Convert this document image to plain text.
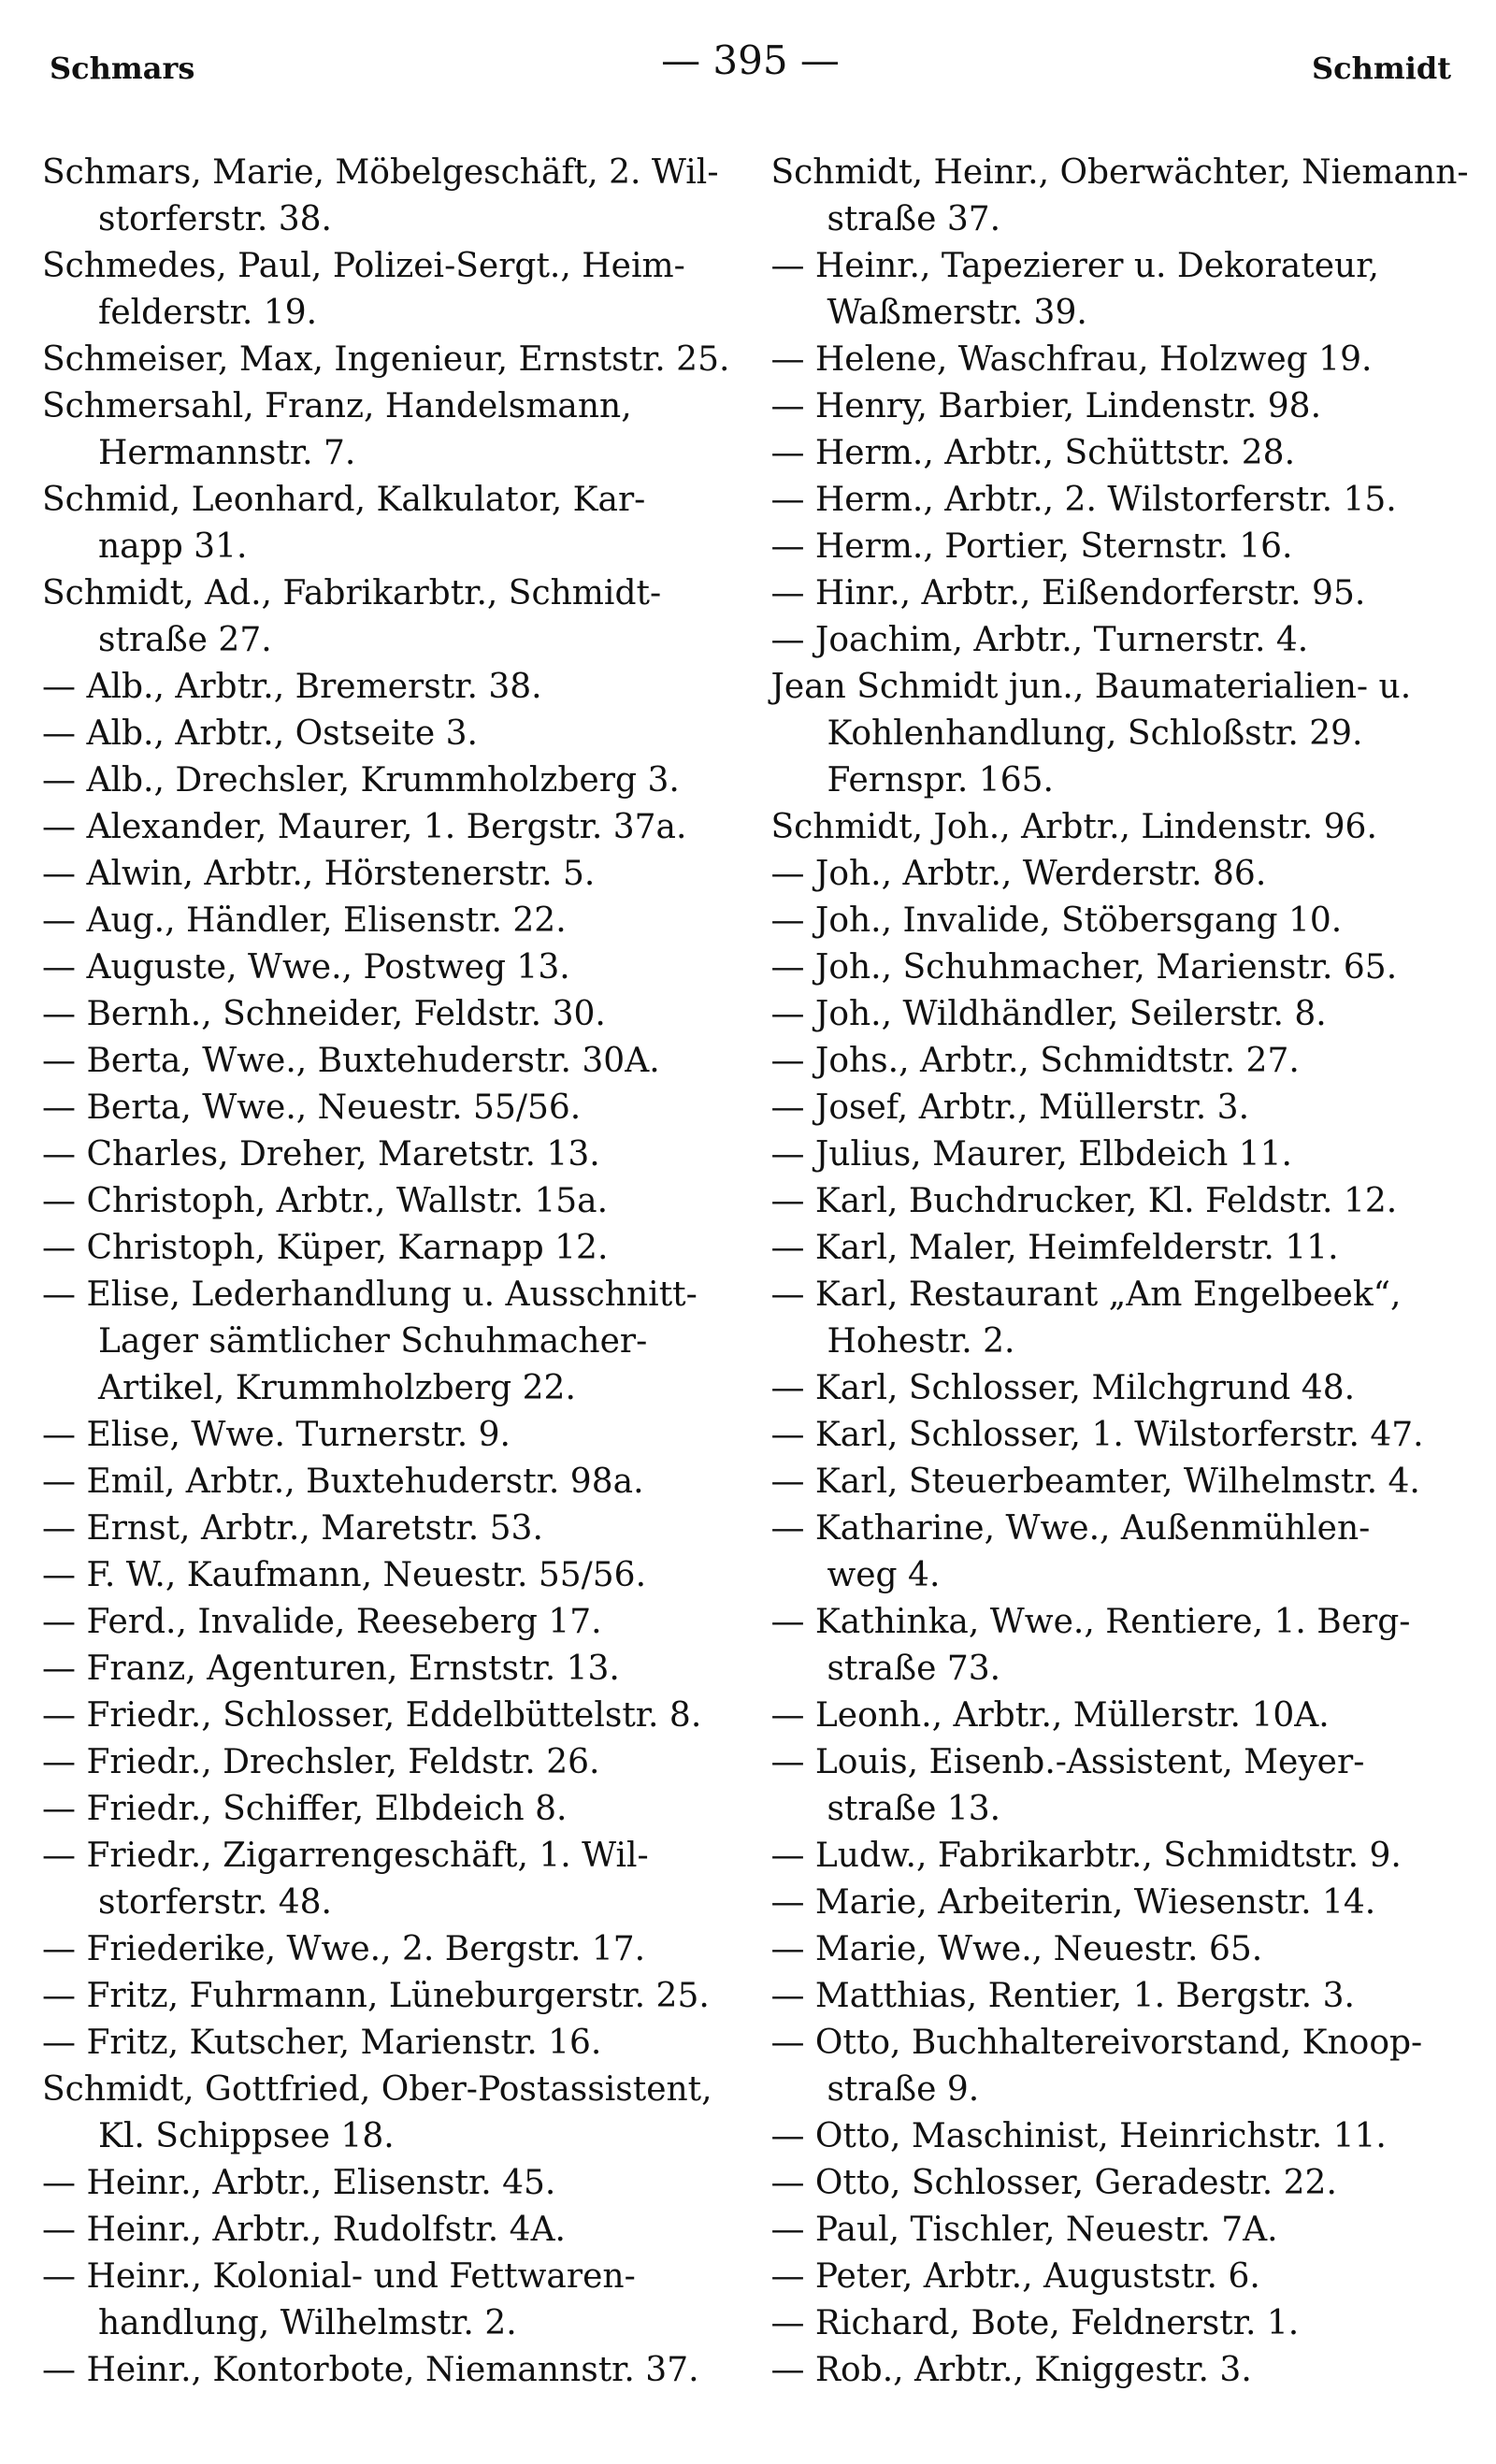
Schmars	— 395 —	Schmidt
Schmars, Marie, Möbelgeschäft, 2. Wil-
storferstr. 38.
Schmedes, Paul, Polizei-Sergt., Heim-
felderstr. 19.
Schmeiser, Max, Ingenieur, Ernststr. 25.
Schmersahl, Franz, Handelsmann,
Hermannstr. 7.
Schmid, Leonhard, Kalkulator, Kar-
napp 31.
Schmidt, Ad., Fabrikarbtr., Schmidt-
straße 27.
— Alb., Arbtr., Bremerstr. 38.
— Alb., Arbtr., Ostseite 3.
— Alb., Drechsler, Krummholzberg 3.
— Alexander, Maurer, 1. Bergstr. 37a.
— Alwin, Arbtr., Hörstenerstr. 5.
— Aug., Händler, Elisenstr. 22.
— Auguste, Wwe., Postweg 13.
— Bernh., Schneider, Feldstr. 30.
— Berta, Wwe., Buxtehuderstr. 30A.
— Berta, Wwe., Neuestr. 55/56.
— Charles, Dreher, Maretstr. 13.
— Christoph, Arbtr., Wallstr. 15a.
— Christoph, Küper, Karnapp 12.
— Elise, Lederhandlung u. Ausschnitt-
Lager sämtlicher Schuhmacher-
Artikel, Krummholzberg 22.
— Elise, Wwe. Turnerstr. 9.
— Emil, Arbtr., Buxtehuderstr. 98a.
— Ernst, Arbtr., Maretstr. 53.
— F. W., Kaufmann, Neuestr. 55/56.
— Ferd., Invalide, Reeseberg 17.
— Franz, Agenturen, Ernststr. 13.
— Friedr., Schlosser, Eddelbüttelstr. 8.
— Friedr., Drechsler, Feldstr. 26.
— Friedr., Schiffer, Elbdeich 8.
— Friedr., Zigarrengeschäft, 1. Wil-
storferstr. 48.
— Friederike, Wwe., 2. Bergstr. 17.
— Fritz, Fuhrmann, Lüneburgerstr. 25.
— Fritz, Kutscher, Marienstr. 16.
Schmidt, Gottfried, Ober-Postassistent,
Kl. Schippsee 18.
— Heinr., Arbtr., Elisenstr. 45.
— Heinr., Arbtr., Rudolfstr. 4A.
— Heinr., Kolonial- und Fettwaren-
handlung, Wilhelmstr. 2.
— Heinr., Kontorbote, Niemannstr. 37.
Schmidt, Heinr., Oberwächter, Niemann-
straße 37.
— Heinr., Tapezierer u. Dekorateur,
Waßmerstr. 39.
— Helene, Waschfrau, Holzweg 19.
— Henry, Barbier, Lindenstr. 98.
— Herm., Arbtr., Schüttstr. 28.
— Herm., Arbtr., 2. Wilstorferstr. 15.
— Herm., Portier, Sternstr. 16.
— Hinr., Arbtr., Eißendorferstr. 95.
— Joachim, Arbtr., Turnerstr. 4.
Jean Schmidt jun., Baumaterialien- u.
Kohlenhandlung, Schloßstr. 29.
Fernspr. 165.
Schmidt, Joh., Arbtr., Lindenstr. 96.
— Joh., Arbtr., Werderstr. 86.
— Joh., Invalide, Stöbersgang 10.
— Joh., Schuhmacher, Marienstr. 65.
— Joh., Wildhändler, Seilerstr. 8.
— Johs., Arbtr., Schmidtstr. 27.
— Josef, Arbtr., Müllerstr. 3.
— Julius, Maurer, Elbdeich 11.
— Karl, Buchdrucker, Kl. Feldstr. 12.
— Karl, Maler, Heimfelderstr. 11.
— Karl, Restaurant „Am Engelbeek“,
Hohestr. 2.
— Karl, Schlosser, Milchgrund 48.
— Karl, Schlosser, 1. Wilstorferstr. 47.
— Karl, Steuerbeamter, Wilhelmstr. 4.
— Katharine, Wwe., Außenmühlen-
weg 4.
— Kathinka, Wwe., Rentiere, 1. Berg-
straße 73.
— Leonh., Arbtr., Müllerstr. 10A.
— Louis, Eisenb.-Assistent, Meyer-
straße 13.
— Ludw., Fabrikarbtr., Schmidtstr. 9.
— Marie, Arbeiterin, Wiesenstr. 14.
— Marie, Wwe., Neuestr. 65.
— Matthias, Rentier, 1. Bergstr. 3.
— Otto, Buchhaltereivorstand, Knoop-
straße 9.
— Otto, Maschinist, Heinrichstr. 11.
— Otto, Schlosser, Geradestr. 22.
— Paul, Tischler, Neuestr. 7A.
— Peter, Arbtr., Auguststr. 6.
— Richard, Bote, Feldnerstr. 1.
— Rob., Arbtr., Kniggestr. 3.
